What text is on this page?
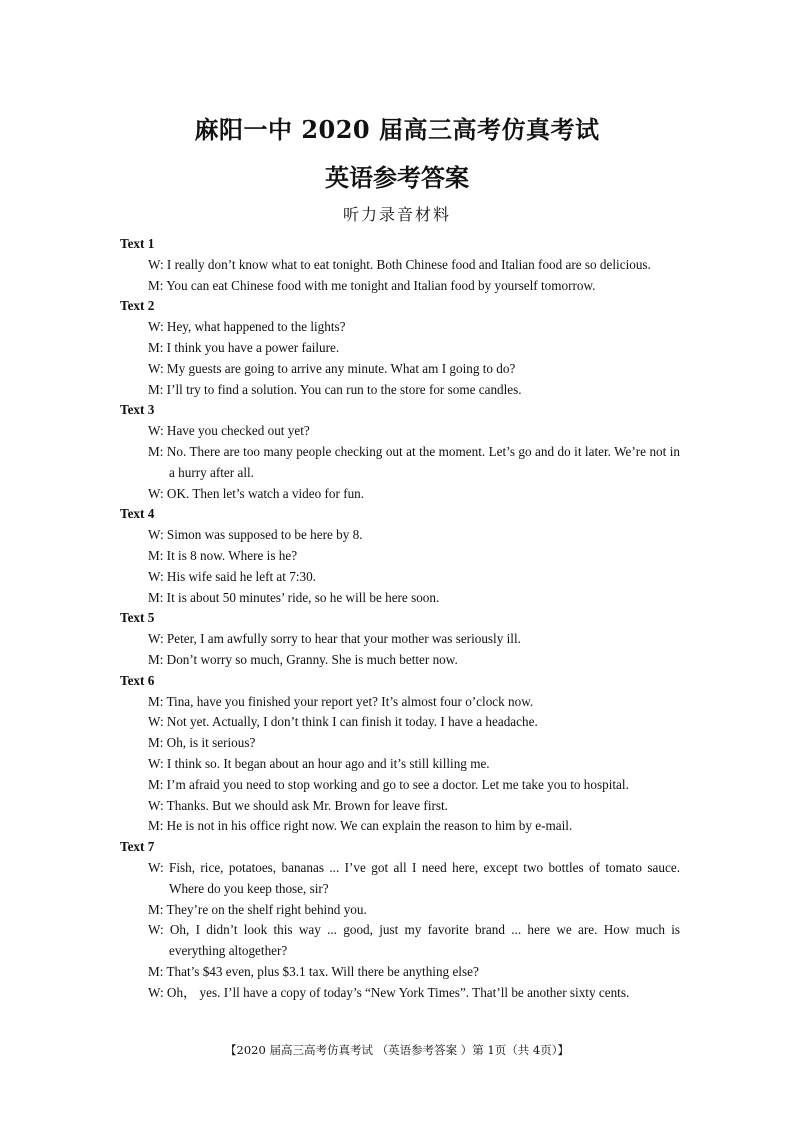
麻阳一中 2020 届高三高考仿真考试
英语参考答案
听力录音材料

Text 1

W: I really don’t know what to eat tonight. Both Chinese food and Italian food are so delicious.

M: You can eat Chinese food with me tonight and Italian food by yourself tomorrow.

Text 2

W: Hey, what happened to the lights?

M: I think you have a power failure.

W: My guests are going to arrive any minute. What am I going to do?

M: I’ll try to find a solution. You can run to the store for some candles.

Text 3

W: Have you checked out yet?

M: No. There are too many people checking out at the moment. Let’s go and do it later. We’re not in a hurry after all.

W: OK. Then let’s watch a video for fun.

Text 4

W: Simon was supposed to be here by 8.

M: It is 8 now. Where is he?

W: His wife said he left at 7:30.

M: It is about 50 minutes’ ride, so he will be here soon.

Text 5

W: Peter, I am awfully sorry to hear that your mother was seriously ill.

M: Don’t worry so much, Granny. She is much better now.

Text 6

M: Tina, have you finished your report yet? It’s almost four o’clock now.

W: Not yet. Actually, I don’t think I can finish it today. I have a headache.

M: Oh, is it serious?

W: I think so. It began about an hour ago and it’s still killing me.

M: I’m afraid you need to stop working and go to see a doctor. Let me take you to hospital.

W: Thanks. But we should ask Mr. Brown for leave first.

M: He is not in his office right now. We can explain the reason to him by e-mail.

Text 7

W: Fish, rice, potatoes, bananas ... I’ve got all I need here, except two bottles of tomato sauce. Where do you keep those, sir?

M: They’re on the shelf right behind you.

W: Oh, I didn’t look this way ... good, just my favorite brand ... here we are. How much is everything altogether?

M: That’s $43 even, plus $3.1 tax. Will there be anything else?

W: Oh， yes. I’ll have a copy of today’s “New York Times”. That’ll be another sixty cents.

【2020 届高三高考仿真考试 （英语参考答案 ）第 1页（共 4页）】
